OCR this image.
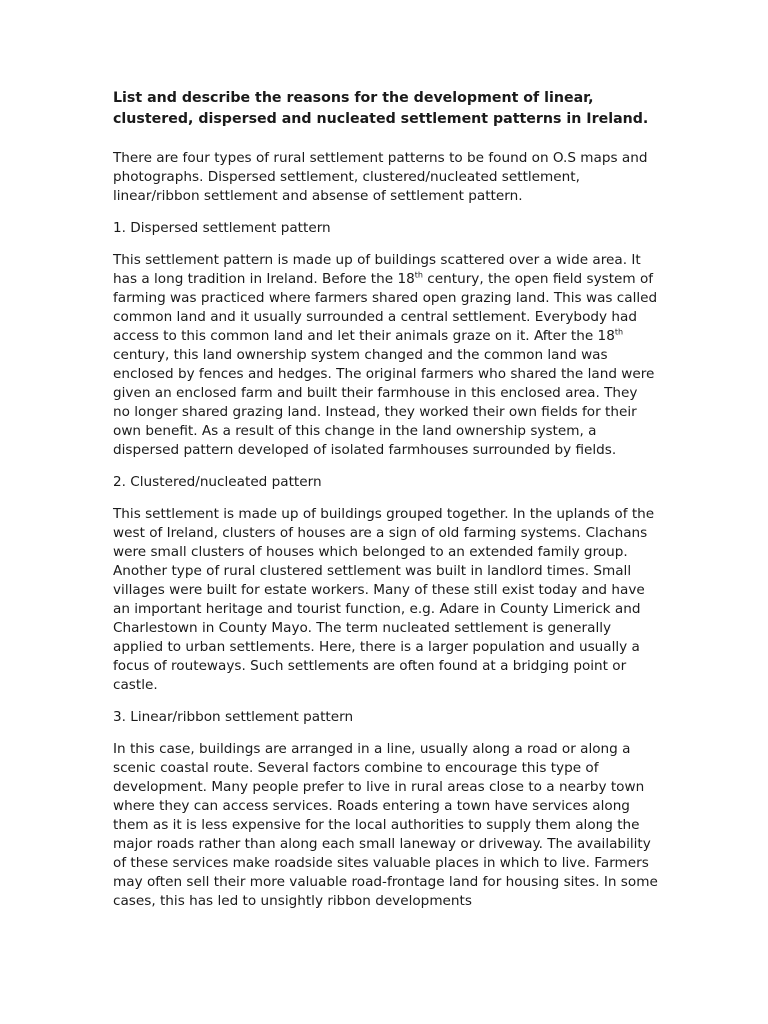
List and describe the reasons for the development of linear, clustered, dispersed and nucleated settlement patterns in Ireland.

There are four types of rural settlement patterns to be found on O.S maps and photographs. Dispersed settlement, clustered/nucleated settlement, linear/ribbon settlement and absense of settlement pattern.

1. Dispersed settlement pattern

This settlement pattern is made up of buildings scattered over a wide area. It has a long tradition in Ireland. Before the 18th century, the open field system of farming was practiced where farmers shared open grazing land. This was called common land and it usually surrounded a central settlement. Everybody had access to this common land and let their animals graze on it. After the 18th century, this land ownership system changed and the common land was enclosed by fences and hedges. The original farmers who shared the land were given an enclosed farm and built their farmhouse in this enclosed area. They no longer shared grazing land. Instead, they worked their own fields for their own benefit. As a result of this change in the land ownership system, a dispersed pattern developed of isolated farmhouses surrounded by fields.

2. Clustered/nucleated pattern

This settlement is made up of buildings grouped together. In the uplands of the west of Ireland, clusters of houses are a sign of old farming systems. Clachans were small clusters of houses which belonged to an extended family group. Another type of rural clustered settlement was built in landlord times. Small villages were built for estate workers. Many of these still exist today and have an important heritage and tourist function, e.g. Adare in County Limerick and Charlestown in County Mayo. The term nucleated settlement is generally applied to urban settlements. Here, there is a larger population and usually a focus of routeways. Such settlements are often found at a bridging point or castle.

3. Linear/ribbon settlement pattern

In this case, buildings are arranged in a line, usually along a road or along a scenic coastal route. Several factors combine to encourage this type of development. Many people prefer to live in rural areas close to a nearby town where they can access services. Roads entering a town have services along them as it is less expensive for the local authorities to supply them along the major roads rather than along each small laneway or driveway. The availability of these services make roadside sites valuable places in which to live. Farmers may often sell their more valuable road-frontage land for housing sites. In some cases, this has led to unsightly ribbon developments
